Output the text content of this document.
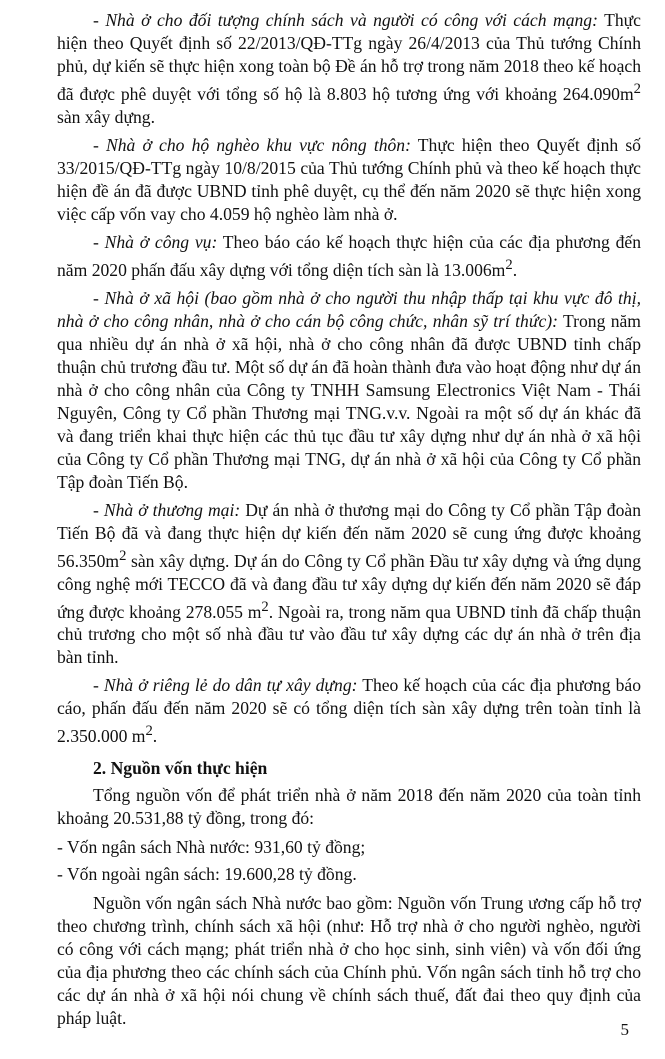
- Nhà ở cho đối tượng chính sách và người có công với cách mạng: Thực hiện theo Quyết định số 22/2013/QĐ-TTg ngày 26/4/2013 của Thủ tướng Chính phủ, dự kiến sẽ thực hiện xong toàn bộ Đề án hỗ trợ trong năm 2018 theo kế hoạch đã được phê duyệt với tổng số hộ là 8.803 hộ tương ứng với khoảng $264.090m^2$ sàn xây dựng.

- Nhà ở cho hộ nghèo khu vực nông thôn: Thực hiện theo Quyết định số 33/2015/QĐ-TTg ngày 10/8/2015 của Thủ tướng Chính phủ và theo kế hoạch thực hiện đề án đã được UBND tỉnh phê duyệt, cụ thể đến năm 2020 sẽ thực hiện xong việc cấp vốn vay cho 4.059 hộ nghèo làm nhà ở.

- Nhà ở công vụ: Theo báo cáo kế hoạch thực hiện của các địa phương đến năm 2020 phấn đấu xây dựng với tổng diện tích sàn là $13.006m^2$.

- Nhà ở xã hội (bao gồm nhà ở cho người thu nhập thấp tại khu vực đô thị, nhà ở cho công nhân, nhà ở cho cán bộ công chức, nhân sỹ trí thức): Trong năm qua nhiều dự án nhà ở xã hội, nhà ở cho công nhân đã được UBND tỉnh chấp thuận chủ trương đầu tư. Một số dự án đã hoàn thành đưa vào hoạt động như dự án nhà ở cho công nhân của Công ty TNHH Samsung Electronics Việt Nam - Thái Nguyên, Công ty Cổ phần Thương mại TNG.v.v. Ngoài ra một số dự án khác đã và đang triển khai thực hiện các thủ tục đầu tư xây dựng như dự án nhà ở xã hội của Công ty Cổ phần Thương mại TNG, dự án nhà ở xã hội của Công ty Cổ phần Tập đoàn Tiến Bộ.

- Nhà ở thương mại: Dự án nhà ở thương mại do Công ty Cổ phần Tập đoàn Tiến Bộ đã và đang thực hiện dự kiến đến năm 2020 sẽ cung ứng được khoảng $56.350m^2$ sàn xây dựng. Dự án do Công ty Cổ phần Đầu tư xây dựng và ứng dụng công nghệ mới TECCO đã và đang đầu tư xây dựng dự kiến đến năm 2020 sẽ đáp ứng được khoảng 278.055 $m^2$. Ngoài ra, trong năm qua UBND tỉnh đã chấp thuận chủ trương cho một số nhà đầu tư vào đầu tư xây dựng các dự án nhà ở trên địa bàn tỉnh.

- Nhà ở riêng lẻ do dân tự xây dựng: Theo kế hoạch của các địa phương báo cáo, phấn đấu đến năm 2020 sẽ có tổng diện tích sàn xây dựng trên toàn tỉnh là 2.350.000 $m^2$.

2. Nguồn vốn thực hiện

Tổng nguồn vốn để phát triển nhà ở năm 2018 đến năm 2020 của toàn tỉnh khoảng 20.531,88 tỷ đồng, trong đó:

- Vốn ngân sách Nhà nước: 931,60 tỷ đồng;

- Vốn ngoài ngân sách: 19.600,28 tỷ đồng.

Nguồn vốn ngân sách Nhà nước bao gồm: Nguồn vốn Trung ương cấp hỗ trợ theo chương trình, chính sách xã hội (như: Hỗ trợ nhà ở cho người nghèo, người có công với cách mạng; phát triển nhà ở cho học sinh, sinh viên) và vốn đối ứng của địa phương theo các chính sách của Chính phủ. Vốn ngân sách tỉnh hỗ trợ cho các dự án nhà ở xã hội nói chung về chính sách thuế, đất đai theo quy định của pháp luật.

5
